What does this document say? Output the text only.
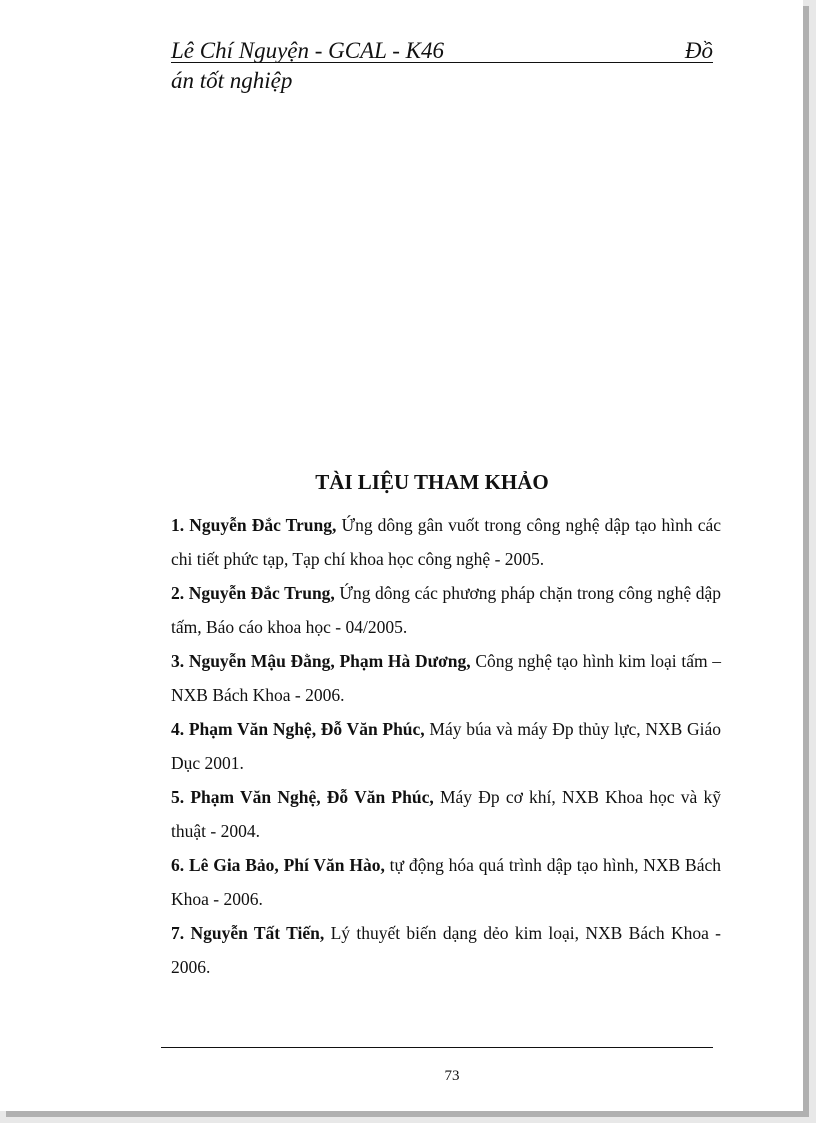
Lê Chí Nguyện - GCAL - K46	Đồ
án tốt nghiệp
TÀI LIỆU THAM KHẢO

1. Nguyễn Đắc Trung, Ứng dông gân vuốt trong công nghệ dập tạo hình các chi tiết phức tạp, Tạp chí khoa học công nghệ - 2005.

2. Nguyễn Đắc Trung, Ứng dông các phương pháp chặn trong công nghệ dập tấm, Báo cáo khoa học - 04/2005.

3. Nguyễn Mậu Đằng, Phạm Hà Dương, Công nghệ tạo hình kim loại tấm – NXB Bách Khoa - 2006.

4. Phạm Văn Nghệ, Đỗ Văn Phúc, Máy búa và máy Ðp thủy lực, NXB Giáo Dục 2001.

5. Phạm Văn Nghệ, Đỗ Văn Phúc, Máy Ðp cơ khí, NXB Khoa học và kỹ thuật - 2004.

6. Lê Gia Bảo, Phí Văn Hào, tự động hóa quá trình dập tạo hình, NXB Bách Khoa - 2006.

7. Nguyễn Tất Tiến, Lý thuyết biến dạng dẻo kim loại, NXB Bách Khoa - 2006.

73
